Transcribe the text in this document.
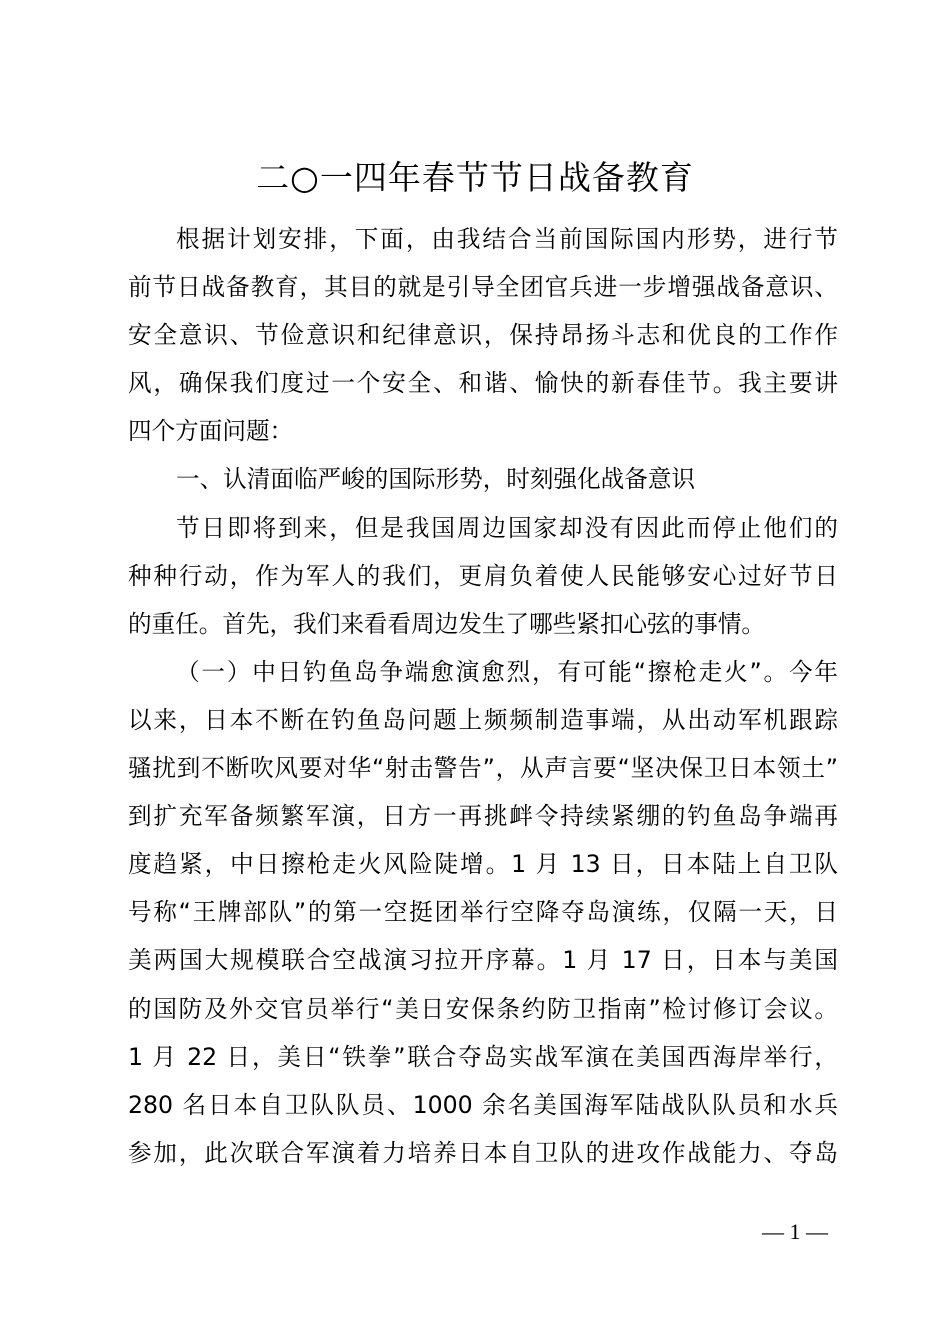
二○一四年春节节日战备教育
根据计划安排，下面，由我结合当前国际国内形势，进行节
前节日战备教育，其目的就是引导全团官兵进一步增强战备意识、
安全意识、节俭意识和纪律意识，保持昂扬斗志和优良的工作作
风，确保我们度过一个安全、和谐、愉快的新春佳节。我主要讲
四个方面问题：
一、认清面临严峻的国际形势，时刻强化战备意识
节日即将到来，但是我国周边国家却没有因此而停止他们的
种种行动，作为军人的我们，更肩负着使人民能够安心过好节日
的重任。首先，我们来看看周边发生了哪些紧扣心弦的事情。
（一）中日钓鱼岛争端愈演愈烈，有可能“擦枪走火”。今年
以来，日本不断在钓鱼岛问题上频频制造事端，从出动军机跟踪
骚扰到不断吹风要对华“射击警告”，从声言要“坚决保卫日本领土”
到扩充军备频繁军演，日方一再挑衅令持续紧绷的钓鱼岛争端再
度趋紧，中日擦枪走火风险陡增。1 月 13 日，日本陆上自卫队
号称“王牌部队”的第一空挺团举行空降夺岛演练，仅隔一天，日
美两国大规模联合空战演习拉开序幕。1 月 17 日，日本与美国
的国防及外交官员举行“美日安保条约防卫指南”检讨修订会议。
1 月 22 日，美日“铁拳”联合夺岛实战军演在美国西海岸举行，
280 名日本自卫队队员、1000 余名美国海军陆战队队员和水兵
参加，此次联合军演着力培养日本自卫队的进攻作战能力、夺岛
— 1 —
